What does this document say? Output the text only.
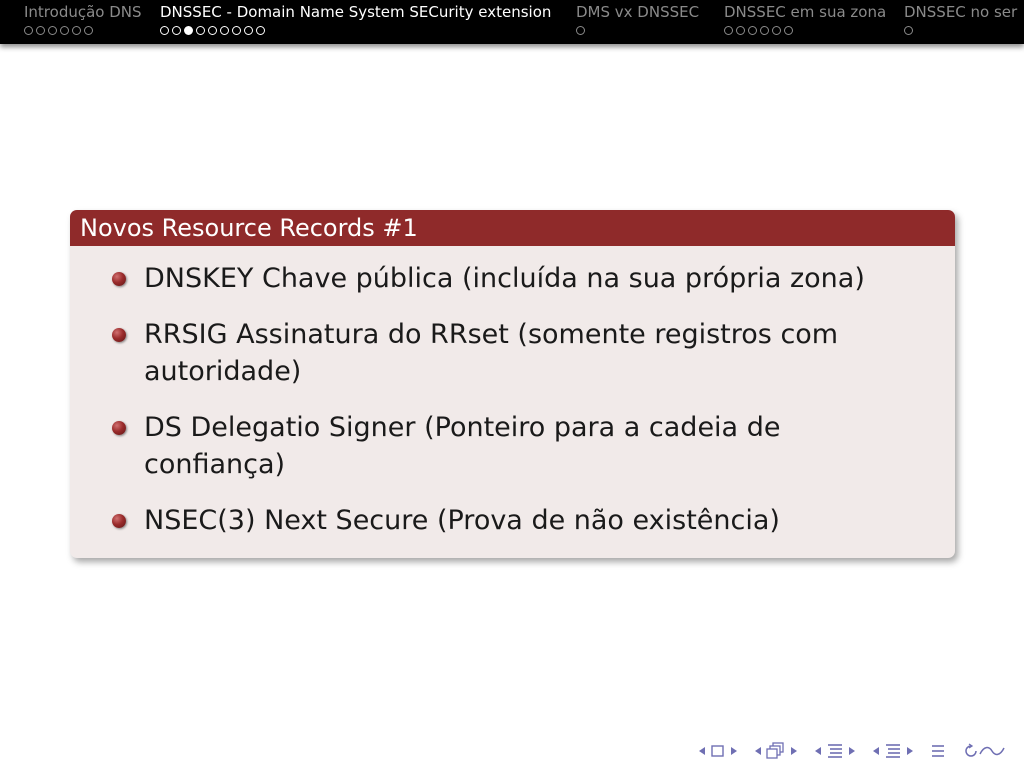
Introdução DNS DNSSEC - Domain Name System SECurity extension DMS vx DNSSEC DNSSEC em sua zona DNSSEC no ser
Novos Resource Records #1
DNSKEY Chave pública (incluída na sua própria zona)
RRSIG Assinatura do RRset (somente registros com autoridade)
DS Delegatio Signer (Ponteiro para a cadeia de confiança)
NSEC(3) Next Secure (Prova de não existência)
